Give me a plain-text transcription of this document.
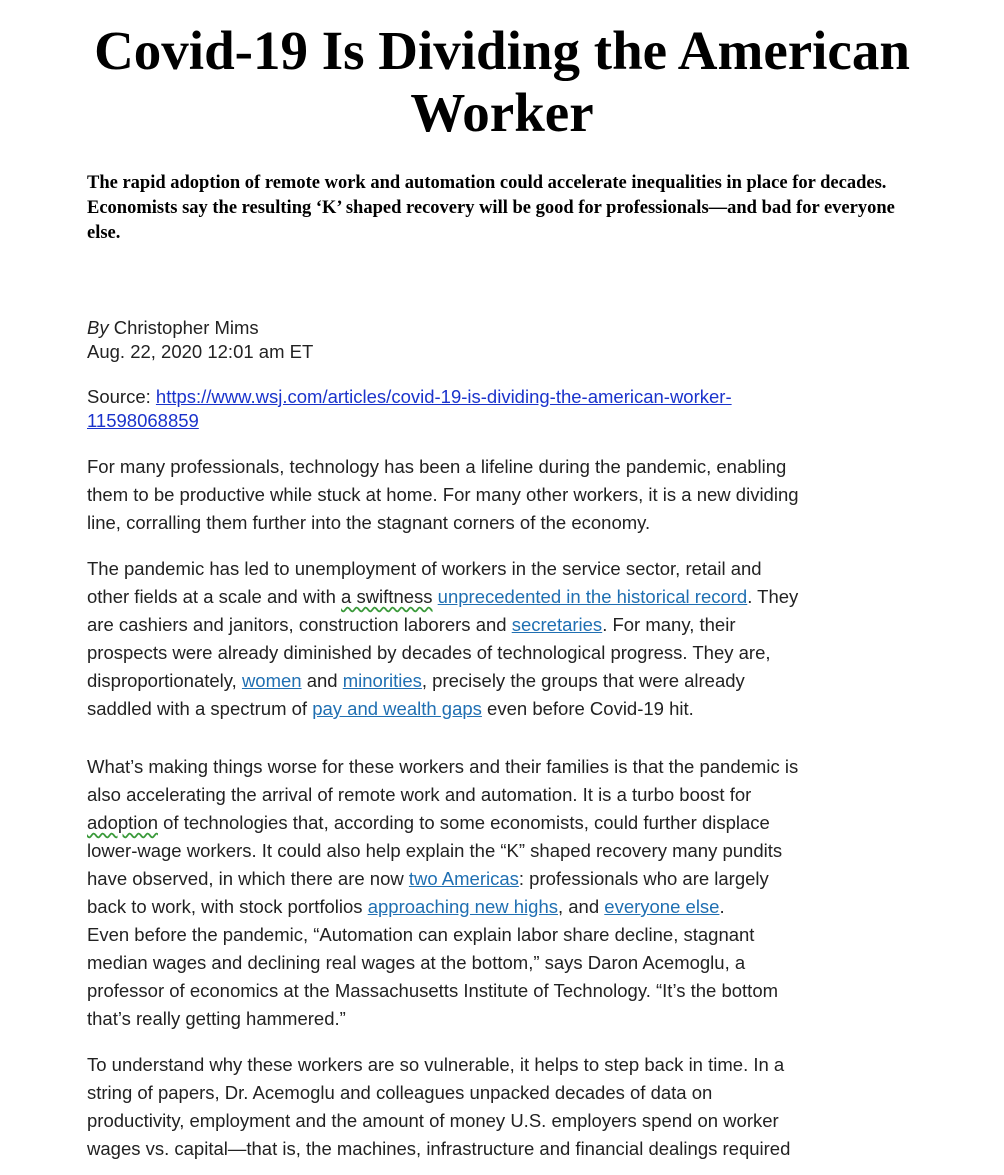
Covid-19 Is Dividing the American Worker

The rapid adoption of remote work and automation could accelerate inequalities in place for decades. Economists say the resulting ‘K’ shaped recovery will be good for professionals—and bad for everyone else.

By Christopher Mims
Aug. 22, 2020 12:01 am ET
Source: https://www.wsj.com/articles/covid-19-is-dividing-the-american-worker-
11598068859

For many professionals, technology has been a lifeline during the pandemic, enabling
them to be productive while stuck at home. For many other workers, it is a new dividing
line, corralling them further into the stagnant corners of the economy.

The pandemic has led to unemployment of workers in the service sector, retail and
other fields at a scale and with a swiftness unprecedented in the historical record. They
are cashiers and janitors, construction laborers and secretaries. For many, their
prospects were already diminished by decades of technological progress. They are,
disproportionately, women and minorities, precisely the groups that were already
saddled with a spectrum of pay and wealth gaps even before Covid-19 hit.

What’s making things worse for these workers and their families is that the pandemic is
also accelerating the arrival of remote work and automation. It is a turbo boost for
adoption of technologies that, according to some economists, could further displace
lower-wage workers. It could also help explain the “K” shaped recovery many pundits
have observed, in which there are now two Americas: professionals who are largely
back to work, with stock portfolios approaching new highs, and everyone else.
Even before the pandemic, “Automation can explain labor share decline, stagnant
median wages and declining real wages at the bottom,” says Daron Acemoglu, a
professor of economics at the Massachusetts Institute of Technology. “It’s the bottom
that’s really getting hammered.”

To understand why these workers are so vulnerable, it helps to step back in time. In a
string of papers, Dr. Acemoglu and colleagues unpacked decades of data on
productivity, employment and the amount of money U.S. employers spend on worker
wages vs. capital—that is, the machines, infrastructure and financial dealings required
